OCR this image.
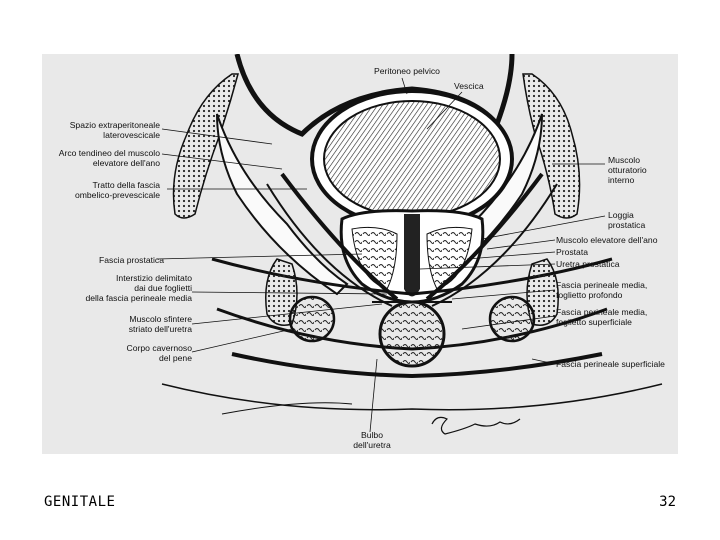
Peritoneo pelvico
Vescica
Spazio extraperitoneale
laterovescicale
Arco tendineo del muscolo
elevatore dell'ano
Tratto della fascia
ombelico-prevescicale
Fascia prostatica
Interstizio delimitato
dai due foglietti
della fascia perineale media
Muscolo sfintere
striato dell'uretra
Corpo cavernoso
del pene
Muscolo
otturatorio
interno
Loggia
prostatica
Muscolo elevatore dell'ano
Prostata
Uretra prostatica
Fascia perineale media,
foglietto profondo
Fascia perineale media,
foglietto superficiale
Fascia perineale superficiale
Bulbo
dell'uretra
GENITALE	32
